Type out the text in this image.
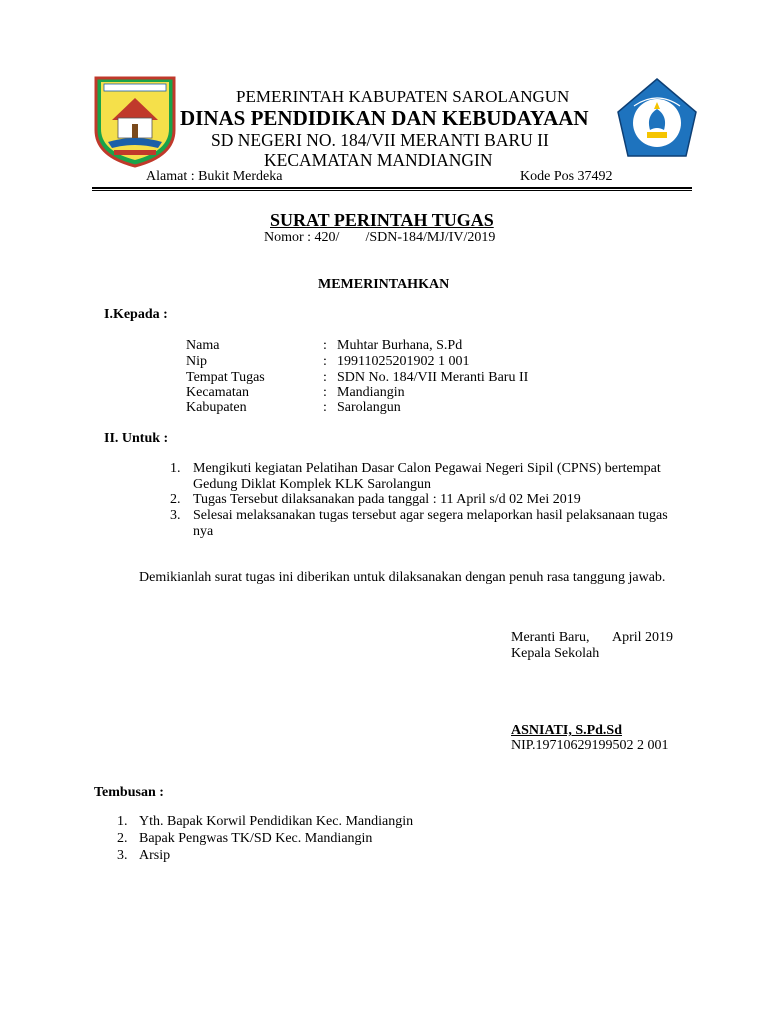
PEMERINTAH KABUPATEN SAROLANGUN
DINAS PENDIDIKAN DAN KEBUDAYAAN
SD NEGERI NO. 184/VII MERANTI BARU II
KECAMATAN MANDIANGIN
Alamat : Bukit Merdeka	Kode Pos 37492
SURAT PERINTAH TUGAS
Nomor : 420/ /SDN-184/MJ/IV/2019
MEMERINTAHKAN
I.Kepada :
Nama	: Muhtar Burhana, S.Pd
Nip	: 19911025201902 1 001
Tempat Tugas	: SDN No. 184/VII Meranti Baru II
Kecamatan	: Mandiangin
Kabupaten	: Sarolangun
II. Untuk :
1. Mengikuti kegiatan Pelatihan Dasar Calon Pegawai Negeri Sipil (CPNS) bertempat
Gedung Diklat Komplek KLK Sarolangun
2. Tugas Tersebut dilaksanakan pada tanggal : 11 April s/d 02 Mei 2019
3. Selesai melaksanakan tugas tersebut agar segera melaporkan hasil pelaksanaan tugas
nya
Demikianlah surat tugas ini diberikan untuk dilaksanakan dengan penuh rasa tanggung jawab.
Meranti Baru, April 2019
Kepala Sekolah
ASNIATI, S.Pd.Sd
NIP.19710629199502 2 001
Tembusan :
1. Yth. Bapak Korwil Pendidikan Kec. Mandiangin
2. Bapak Pengwas TK/SD Kec. Mandiangin
3. Arsip
